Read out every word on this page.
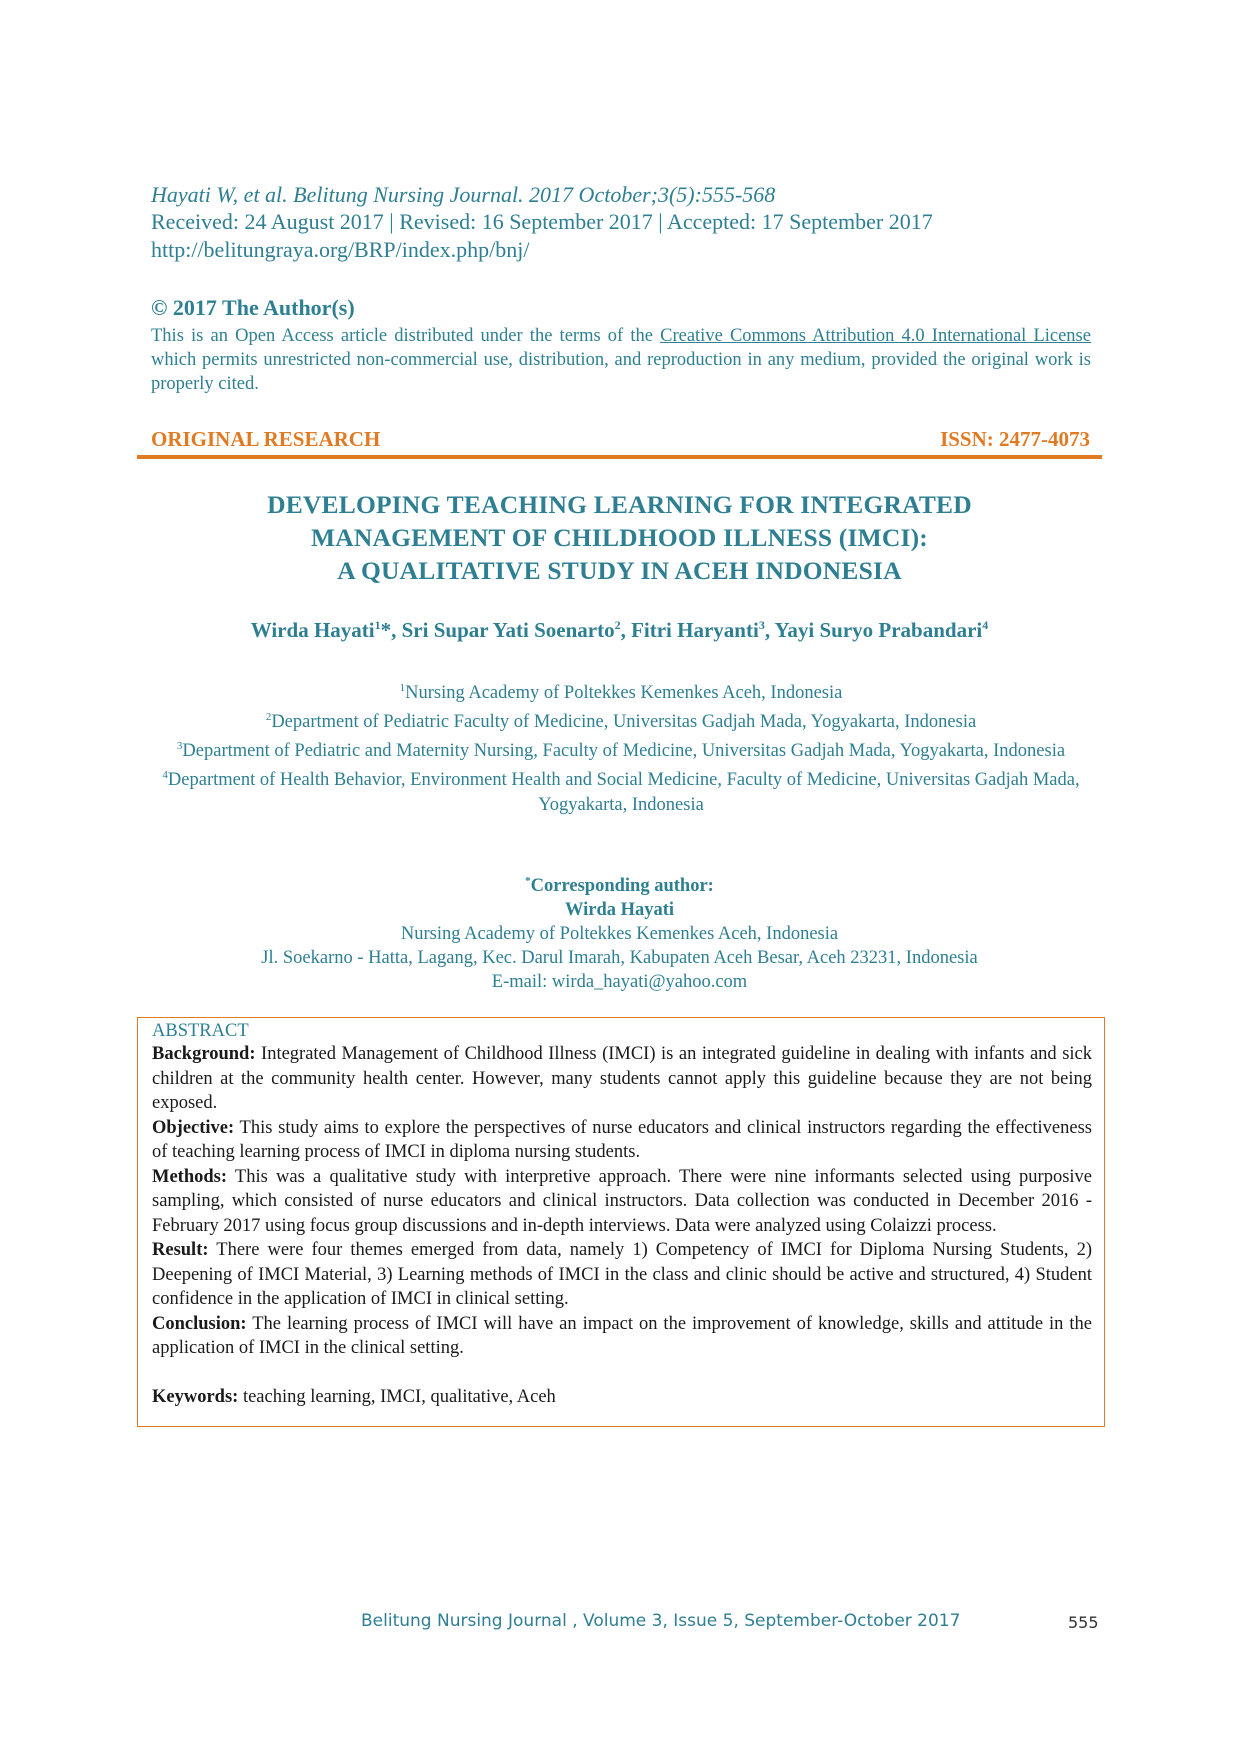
Hayati W, et al. Belitung Nursing Journal. 2017 October;3(5):555-568
Received: 24 August 2017 | Revised: 16 September 2017 | Accepted: 17 September 2017
http://belitungraya.org/BRP/index.php/bnj/
© 2017 The Author(s)
This is an Open Access article distributed under the terms of the Creative Commons Attribution 4.0 International License which permits unrestricted non-commercial use, distribution, and reproduction in any medium, provided the original work is properly cited.
ORIGINAL RESEARCH	ISSN: 2477-4073
DEVELOPING TEACHING LEARNING FOR INTEGRATED
MANAGEMENT OF CHILDHOOD ILLNESS (IMCI):
A QUALITATIVE STUDY IN ACEH INDONESIA
Wirda Hayati$^1$*, Sri Supar Yati Soenarto$^2$, Fitri Haryanti$^3$, Yayi Suryo Prabandari$^4$
$^1$Nursing Academy of Poltekkes Kemenkes Aceh, Indonesia
$^2$Department of Pediatric Faculty of Medicine, Universitas Gadjah Mada, Yogyakarta, Indonesia
$^3$Department of Pediatric and Maternity Nursing, Faculty of Medicine, Universitas Gadjah Mada, Yogyakarta, Indonesia
$^4$Department of Health Behavior, Environment Health and Social Medicine, Faculty of Medicine, Universitas Gadjah Mada, Yogyakarta, Indonesia
*Corresponding author:
Wirda Hayati
Nursing Academy of Poltekkes Kemenkes Aceh, Indonesia
Jl. Soekarno - Hatta, Lagang, Kec. Darul Imarah, Kabupaten Aceh Besar, Aceh 23231, Indonesia
E-mail: wirda_hayati@yahoo.com
ABSTRACT

Background: Integrated Management of Childhood Illness (IMCI) is an integrated guideline in dealing with infants and sick children at the community health center. However, many students cannot apply this guideline because they are not being exposed.

Objective: This study aims to explore the perspectives of nurse educators and clinical instructors regarding the effectiveness of teaching learning process of IMCI in diploma nursing students.

Methods: This was a qualitative study with interpretive approach. There were nine informants selected using purposive sampling, which consisted of nurse educators and clinical instructors. Data collection was conducted in December 2016 - February 2017 using focus group discussions and in-depth interviews. Data were analyzed using Colaizzi process.

Result: There were four themes emerged from data, namely 1) Competency of IMCI for Diploma Nursing Students, 2) Deepening of IMCI Material, 3) Learning methods of IMCI in the class and clinic should be active and structured, 4) Student confidence in the application of IMCI in clinical setting.

Conclusion: The learning process of IMCI will have an impact on the improvement of knowledge, skills and attitude in the application of IMCI in the clinical setting.

Keywords: teaching learning, IMCI, qualitative, Aceh

Belitung Nursing Journal , Volume 3, Issue 5, September-October 2017	555
